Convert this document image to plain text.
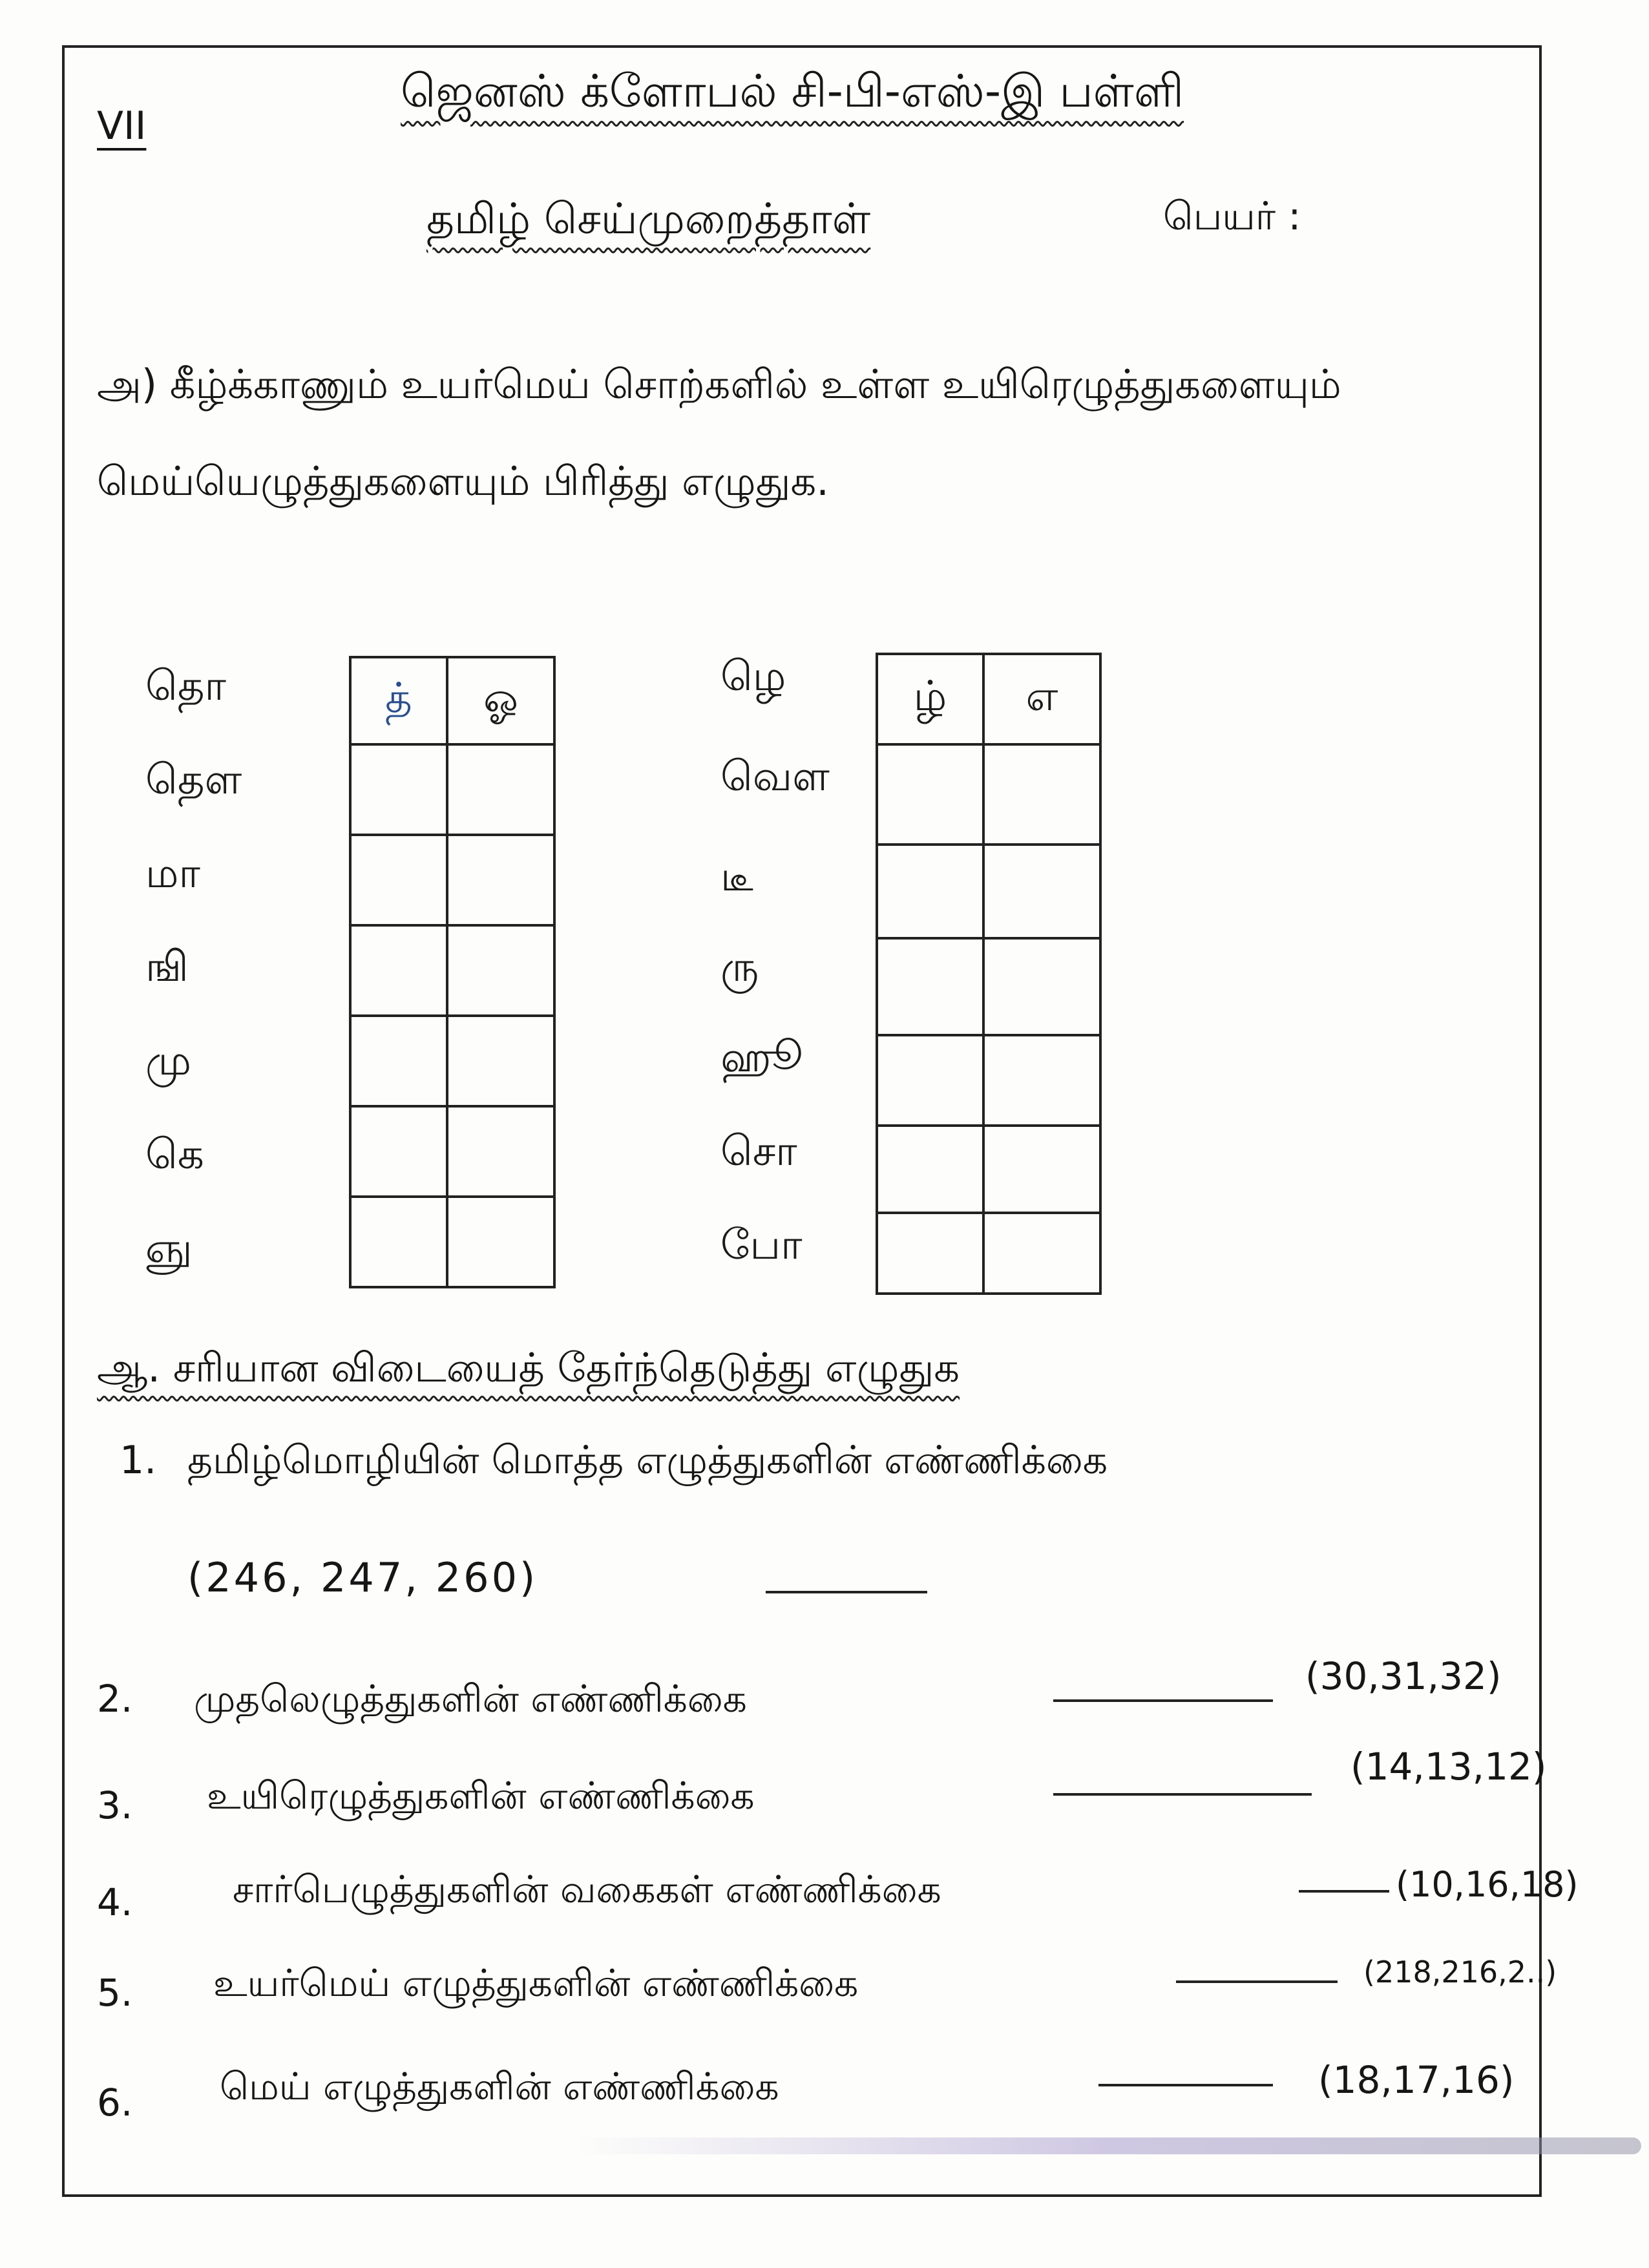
VII
ஜெனஸ் க்ளோபல் சி-பி-எஸ்-இ பள்ளி
தமிழ் செய்முறைத்தாள்	பெயர் :
அ) கீழ்க்காணும் உயர்மெய் சொற்களில் உள்ள உயிரெழுத்துகளையும் மெய்யெழுத்துகளையும் பிரித்து எழுதுக.
தொ
தௌ
மா
ஙி
மு
கெ
ஞு
த்	ஓ

		ழெ
வெள
டீ
ரு
ஹூ
சொ
போ
ழ்	எ

ஆ. சரியான விடையைத் தேர்ந்தெடுத்து எழுதுக
1. தமிழ்மொழியின் மொத்த எழுத்துகளின் எண்ணிக்கை
(246, 247, 260)
2. முதலெழுத்துகளின் எண்ணிக்கை
(30,31,32)
3. உயிரெழுத்துகளின் எண்ணிக்கை
(14,13,12)
4.	சார்பெழுத்துகளின் வகைகள் எண்ணிக்கை	(10,16,18)
5. உயர்மெய் எழுத்துகளின் எண்ணிக்கை	(218,216,2..)
6. மெய் எழுத்துகளின் எண்ணிக்கை	(18,17,16)
